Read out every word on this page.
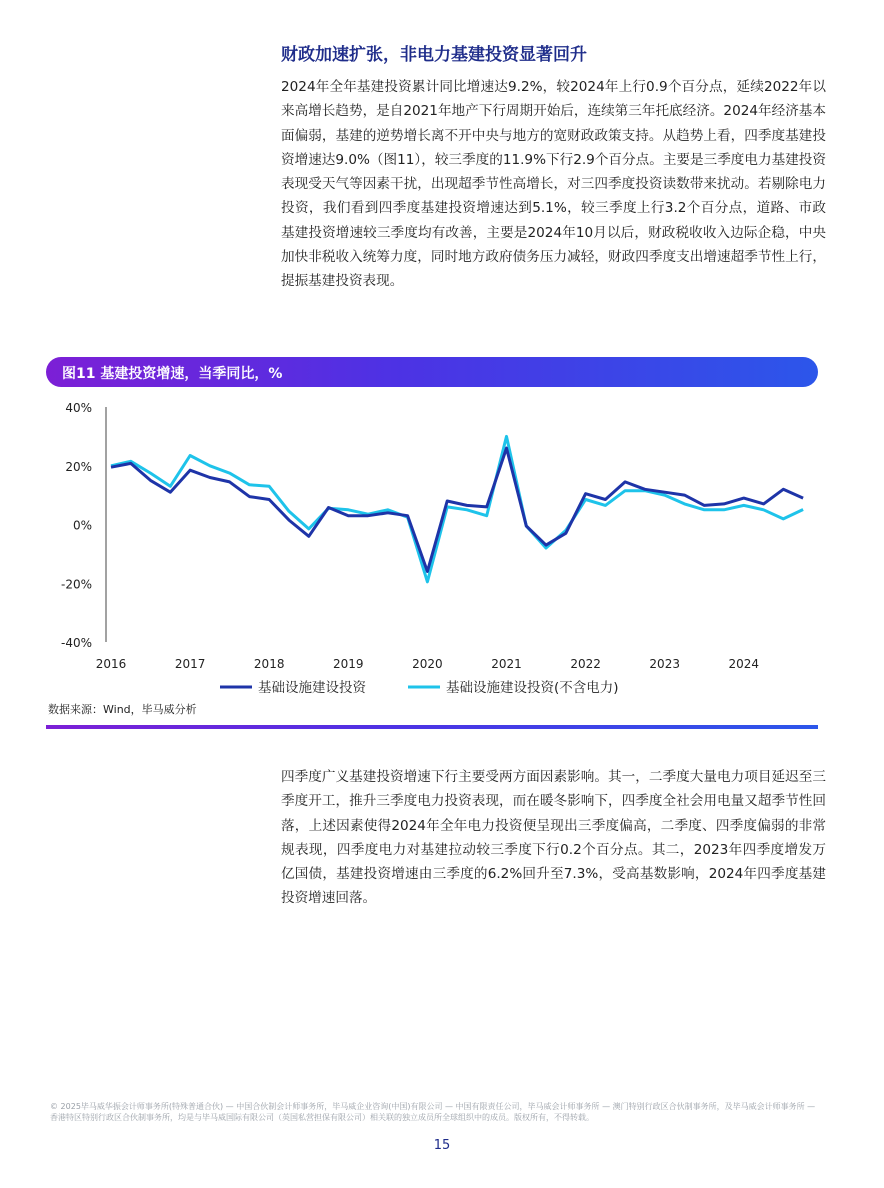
财政加速扩张，非电力基建投资显著回升

2024年全年基建投资累计同比增速达9.2%，较2024年上行0.9个百分点，延续2022年以来高增长趋势，是自2021年地产下行周期开始后，连续第三年托底经济。2024年经济基本面偏弱，基建的逆势增长离不开中央与地方的宽财政政策支持。从趋势上看，四季度基建投资增速达9.0%（图11），较三季度的11.9%下行2.9个百分点。主要是三季度电力基建投资表现受天气等因素干扰，出现超季节性高增长，对三四季度投资读数带来扰动。若剔除电力投资，我们看到四季度基建投资增速达到5.1%，较三季度上行3.2个百分点，道路、市政基建投资增速较三季度均有改善，主要是2024年10月以后，财政税收收入边际企稳，中央加快非税收入统筹力度，同时地方政府债务压力减轻，财政四季度支出增速超季节性上行，提振基建投资表现。

图11 基建投资增速，当季同比，%
40%
20%
0%
-20%
-40%
2016	2017	2018	2019	2020	2021	2022	2023	2024
基础设施建设投资	基础设施建设投资(不含电力)
数据来源：Wind，毕马威分析

四季度广义基建投资增速下行主要受两方面因素影响。其一，二季度大量电力项目延迟至三季度开工，推升三季度电力投资表现，而在暖冬影响下，四季度全社会用电量又超季节性回落，上述因素使得2024年全年电力投资便呈现出三季度偏高，二季度、四季度偏弱的非常规表现，四季度电力对基建拉动较三季度下行0.2个百分点。其二，2023年四季度增发万亿国债，基建投资增速由三季度的6.2%回升至7.3%，受高基数影响，2024年四季度基建投资增速回落。

© 2025毕马威华振会计师事务所(特殊普通合伙) — 中国合伙制会计师事务所，毕马威企业咨询(中国)有限公司 — 中国有限责任公司，毕马威会计师事务所 — 澳门特别行政区合伙制事务所，及毕马威会计师事务所 — 香港特区特别行政区合伙制事务所，均是与毕马威国际有限公司（英国私营担保有限公司）相关联的独立成员所全球组织中的成员。版权所有，不得转载。

15
